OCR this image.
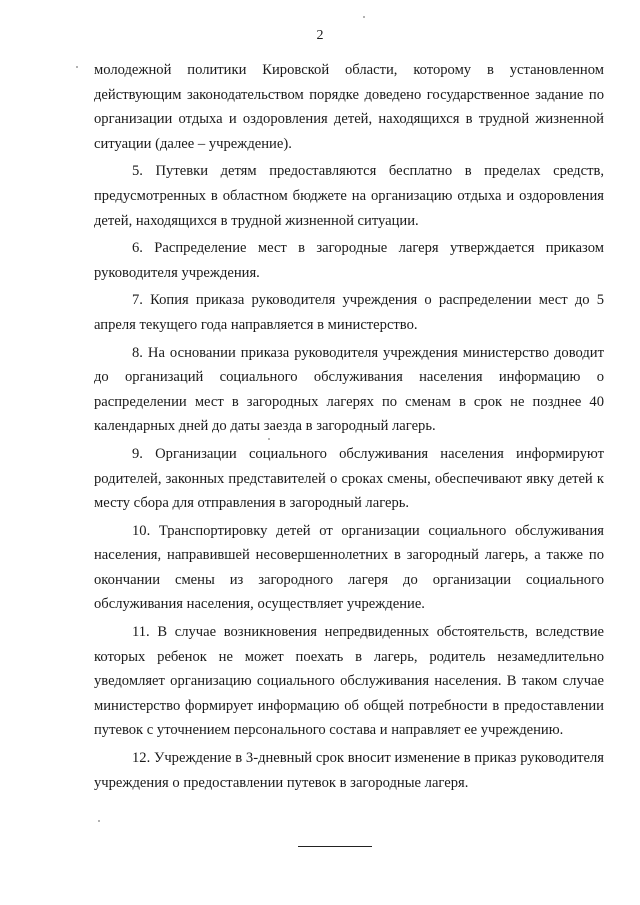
2

молодежной политики Кировской области, которому в установленном действующим законодательством порядке доведено государственное задание по организации отдыха и оздоровления детей, находящихся в трудной жизненной ситуации (далее – учреждение).

5. Путевки детям предоставляются бесплатно в пределах средств, предусмотренных в областном бюджете на организацию отдыха и оздоровления детей, находящихся в трудной жизненной ситуации.

6. Распределение мест в загородные лагеря утверждается приказом руководителя учреждения.

7. Копия приказа руководителя учреждения о распределении мест до 5 апреля текущего года направляется в министерство.

8. На основании приказа руководителя учреждения министерство доводит до организаций социального обслуживания населения информацию о распределении мест в загородных лагерях по сменам в срок не позднее 40 календарных дней до даты заезда в загородный лагерь.

9. Организации социального обслуживания населения информируют родителей, законных представителей о сроках смены, обеспечивают явку детей к месту сбора для отправления в загородный лагерь.

10. Транспортировку детей от организации социального обслуживания населения, направившей несовершеннолетних в загородный лагерь, а также по окончании смены из загородного лагеря до организации социального обслуживания населения, осуществляет учреждение.

11. В случае возникновения непредвиденных обстоятельств, вследствие которых ребенок не может поехать в лагерь, родитель незамедлительно уведомляет организацию социального обслуживания населения. В таком случае министерство формирует информацию об общей потребности в предоставлении путевок с уточнением персонального состава и направляет ее учреждению.

12. Учреждение в 3-дневный срок вносит изменение в приказ руководителя учреждения о предоставлении путевок в загородные лагеря.
